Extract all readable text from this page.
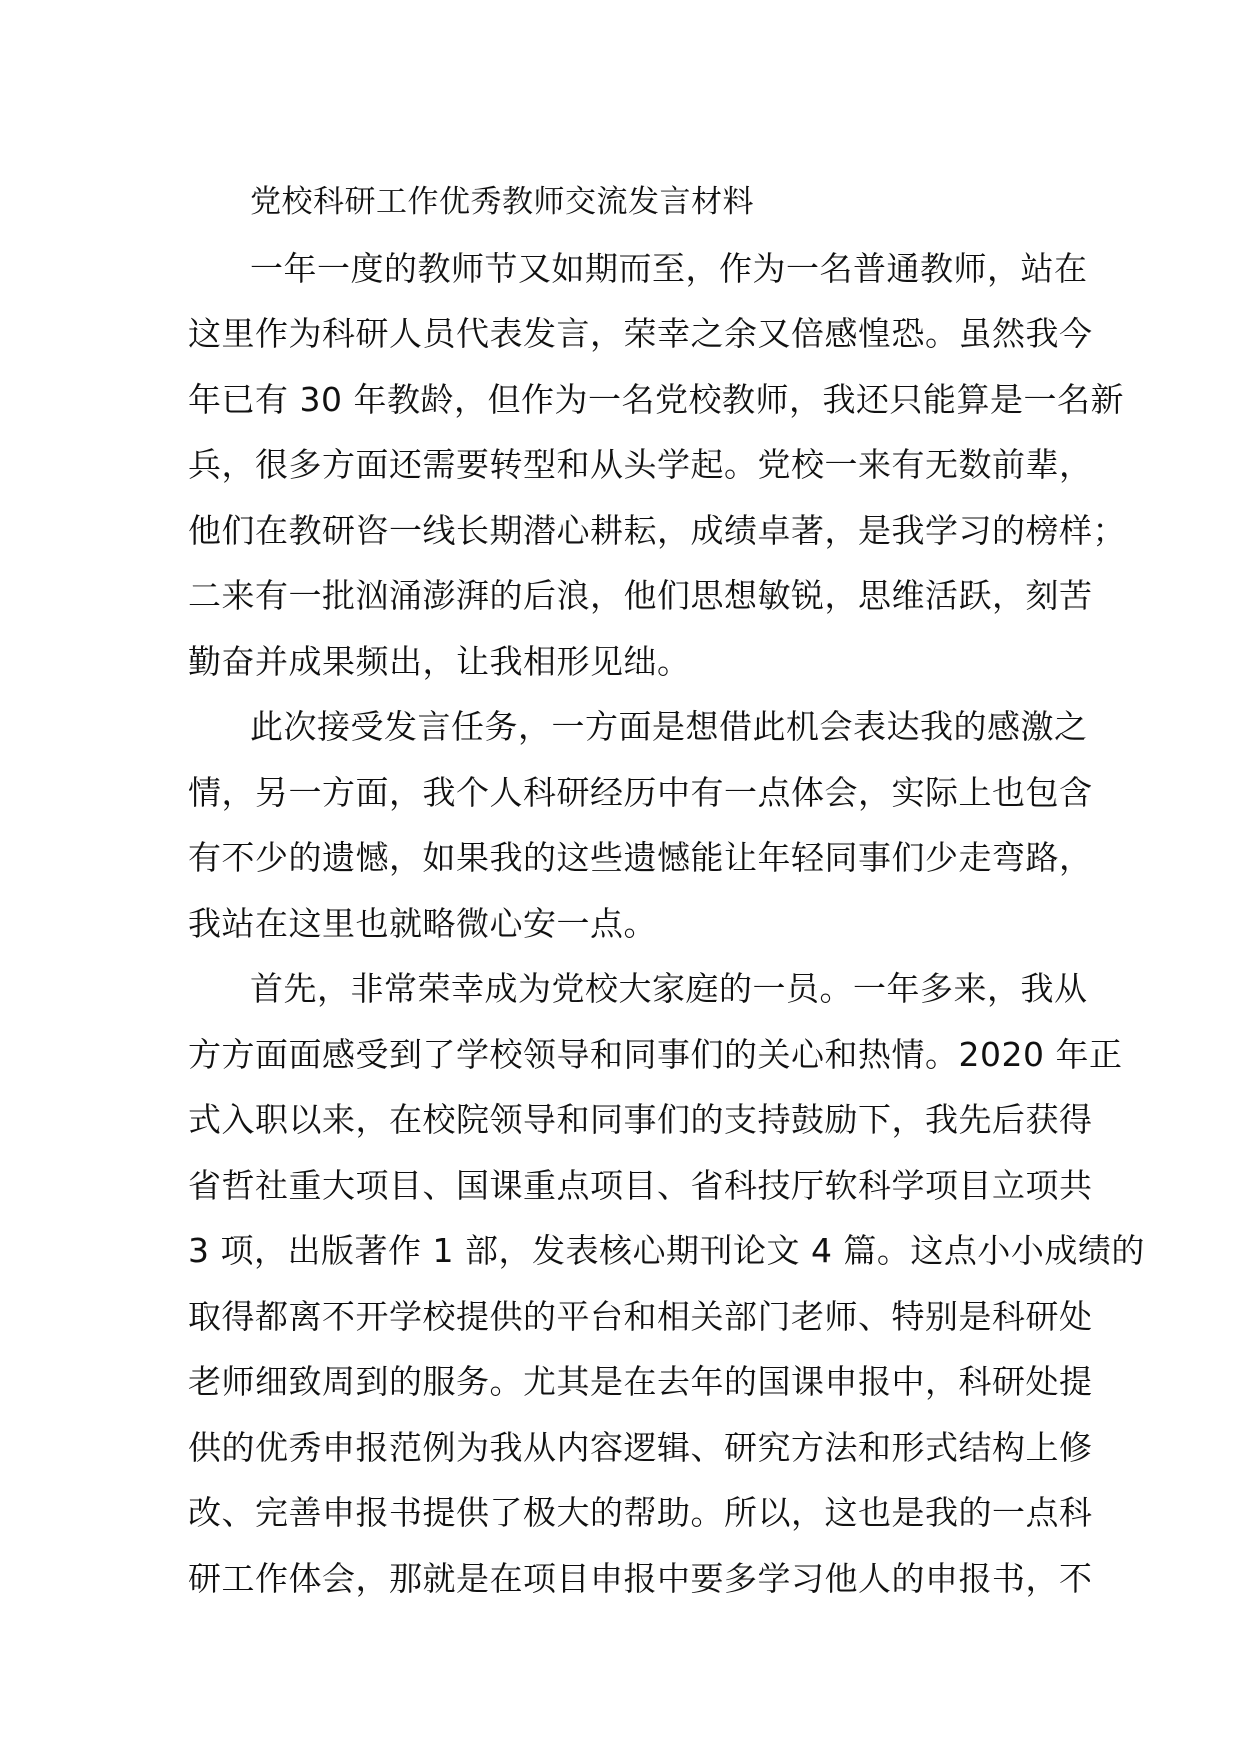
党校科研工作优秀教师交流发言材料
一年一度的教师节又如期而至，作为一名普通教师，站在
这里作为科研人员代表发言，荣幸之余又倍感惶恐。虽然我今
年已有 30 年教龄，但作为一名党校教师，我还只能算是一名新
兵，很多方面还需要转型和从头学起。党校一来有无数前辈，
他们在教研咨一线长期潜心耕耘，成绩卓著，是我学习的榜样；
二来有一批汹涌澎湃的后浪，他们思想敏锐，思维活跃，刻苦
勤奋并成果频出，让我相形见绌。
此次接受发言任务，一方面是想借此机会表达我的感激之
情，另一方面，我个人科研经历中有一点体会，实际上也包含
有不少的遗憾，如果我的这些遗憾能让年轻同事们少走弯路，
我站在这里也就略微心安一点。
首先，非常荣幸成为党校大家庭的一员。一年多来，我从
方方面面感受到了学校领导和同事们的关心和热情。2020 年正
式入职以来，在校院领导和同事们的支持鼓励下，我先后获得
省哲社重大项目、国课重点项目、省科技厅软科学项目立项共
3 项，出版著作 1 部，发表核心期刊论文 4 篇。这点小小成绩的
取得都离不开学校提供的平台和相关部门老师、特别是科研处
老师细致周到的服务。尤其是在去年的国课申报中，科研处提
供的优秀申报范例为我从内容逻辑、研究方法和形式结构上修
改、完善申报书提供了极大的帮助。所以，这也是我的一点科
研工作体会，那就是在项目申报中要多学习他人的申报书，不
